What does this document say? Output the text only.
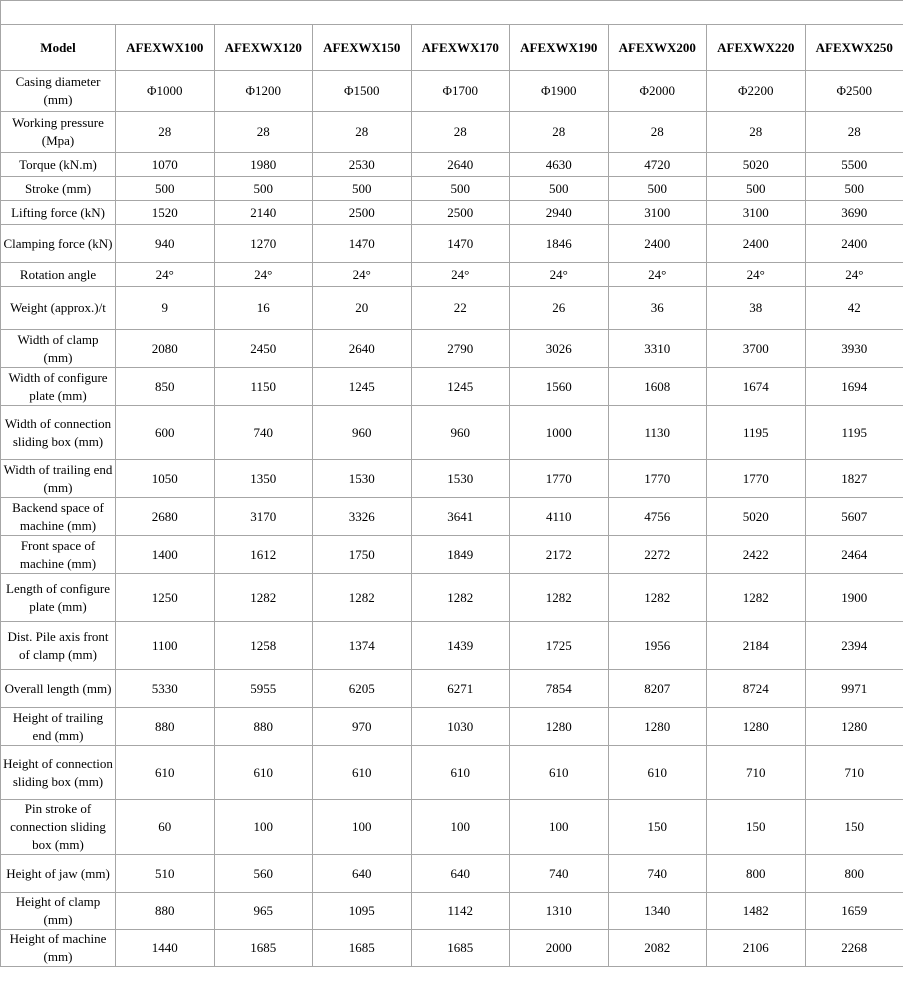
APFXWX Casing Oscillator Technical Specifications								
Model	AFEXWX100	AFEXWX120	AFEXWX150	AFEXWX170	AFEXWX190	AFEXWX200	AFEXWX220	AFEXWX250
Casing diameter (mm)	Φ1000	Φ1200	Φ1500	Φ1700	Φ1900	Φ2000	Φ2200	Φ2500
Working pressure (Mpa)	28	28	28	28	28	28	28	28
Torque (kN.m)	1070	1980	2530	2640	4630	4720	5020	5500
Stroke (mm)	500	500	500	500	500	500	500	500
Lifting force (kN)	1520	2140	2500	2500	2940	3100	3100	3690
Clamping force (kN)	940	1270	1470	1470	1846	2400	2400	2400
Rotation angle	24°	24°	24°	24°	24°	24°	24°	24°
Weight (approx.)/t	9	16	20	22	26	36	38	42
Width of clamp (mm)	2080	2450	2640	2790	3026	3310	3700	3930
Width of configure plate (mm)	850	1150	1245	1245	1560	1608	1674	1694
Width of connection sliding box (mm)	600	740	960	960	1000	1130	1195	1195
Width of trailing end (mm)	1050	1350	1530	1530	1770	1770	1770	1827
Backend space of machine (mm)	2680	3170	3326	3641	4110	4756	5020	5607
Front space of machine (mm)	1400	1612	1750	1849	2172	2272	2422	2464
Length of configure plate (mm)	1250	1282	1282	1282	1282	1282	1282	1900
Dist. Pile axis front of clamp (mm)	1100	1258	1374	1439	1725	1956	2184	2394
Overall length (mm)	5330	5955	6205	6271	7854	8207	8724	9971
Height of trailing end (mm)	880	880	970	1030	1280	1280	1280	1280
Height of connection sliding box (mm)	610	610	610	610	610	610	710	710
Pin stroke of connection sliding box (mm)	60	100	100	100	100	150	150	150
Height of jaw (mm)	510	560	640	640	740	740	800	800
Height of clamp (mm)	880	965	1095	1142	1310	1340	1482	1659
Height of machine (mm)	1440	1685	1685	1685	2000	2082	2106	2268
